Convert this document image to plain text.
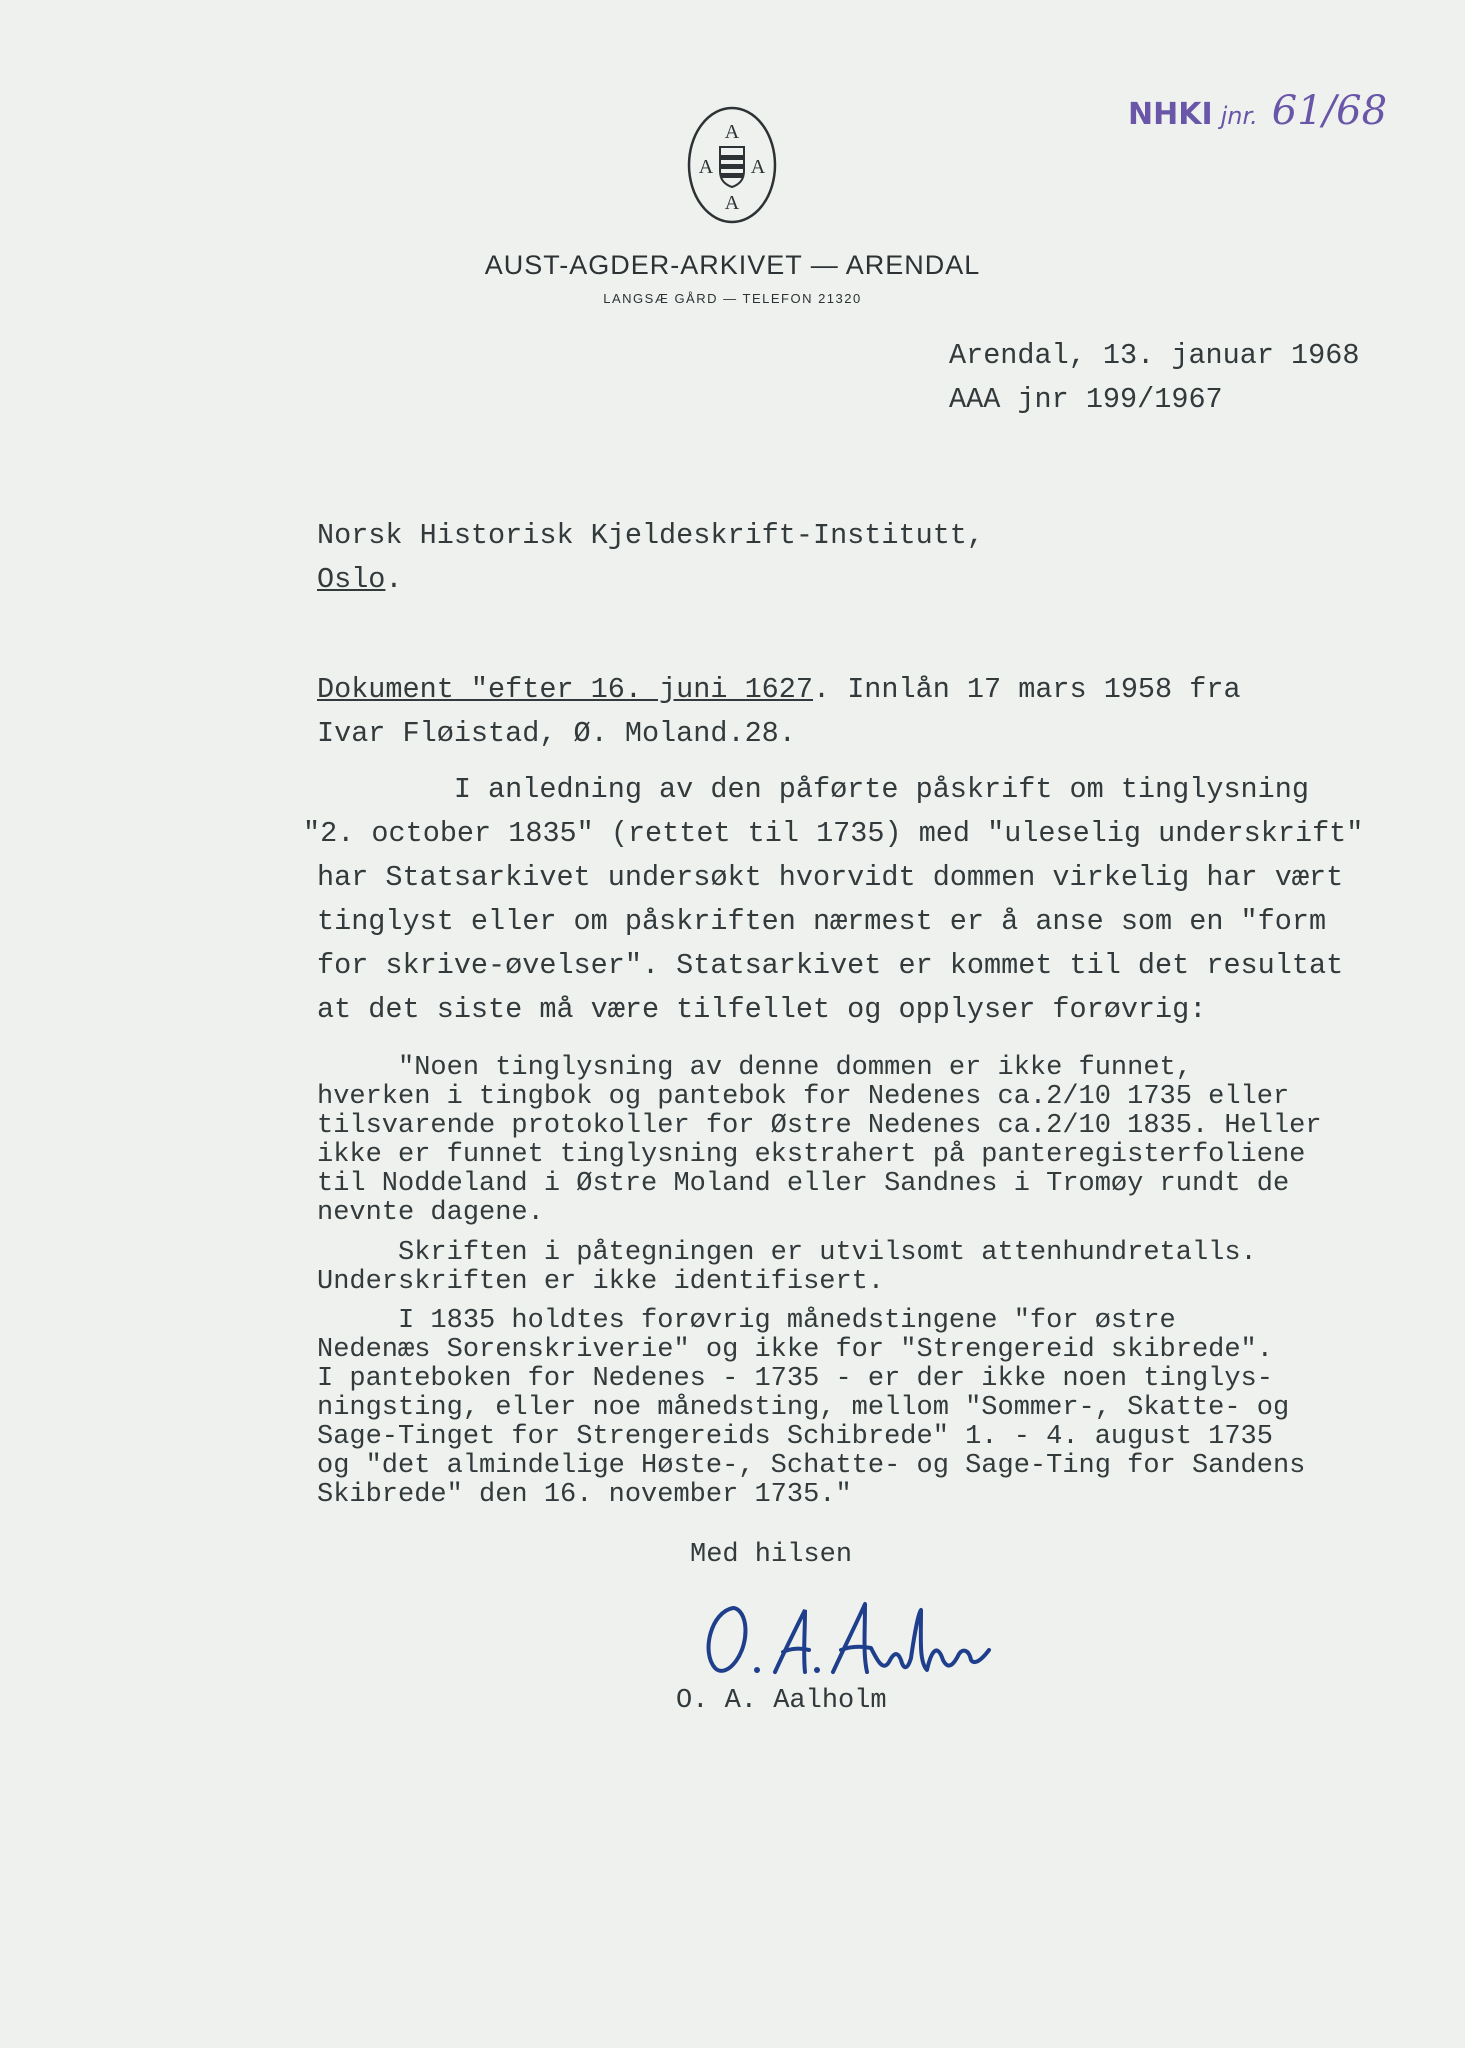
NHKI jnr. 61/68
A
A A
A
AUST-AGDER-ARKIVET — ARENDAL
LANGSÆ GÅRD — TELEFON 21320
Arendal, 13. januar 1968
AAA jnr 199/1967
Norsk Historisk Kjeldeskrift-Institutt,
Oslo.
Dokument "efter 16. juni 1627. Innlån 17 mars 1958 fra
Ivar Fløistad, Ø. Moland.28.
I anledning av den påførte påskrift om tinglysning
"2. october 1835" (rettet til 1735) med "uleselig underskrift"
har Statsarkivet undersøkt hvorvidt dommen virkelig har vært
tinglyst eller om påskriften nærmest er å anse som en "form
for skrive-øvelser". Statsarkivet er kommet til det resultat
at det siste må være tilfellet og opplyser forøvrig:
"Noen tinglysning av denne dommen er ikke funnet,
hverken i tingbok og pantebok for Nedenes ca.2/10 1735 eller
tilsvarende protokoller for Østre Nedenes ca.2/10 1835. Heller
ikke er funnet tinglysning ekstrahert på panteregisterfoliene
til Noddeland i Østre Moland eller Sandnes i Tromøy rundt de
nevnte dagene.
Skriften i påtegningen er utvilsomt attenhundretalls.
Underskriften er ikke identifisert.
I 1835 holdtes forøvrig månedstingene "for østre
Nedenæs Sorenskriverie" og ikke for "Strengereid skibrede".
I panteboken for Nedenes - 1735 - er der ikke noen tinglys-
ningsting, eller noe månedsting, mellom "Sommer-, Skatte- og
Sage-Tinget for Strengereids Schibrede" 1. - 4. august 1735
og "det almindelige Høste-, Schatte- og Sage-Ting for Sandens
Skibrede" den 16. november 1735."
Med hilsen
O. A. Aalholm
